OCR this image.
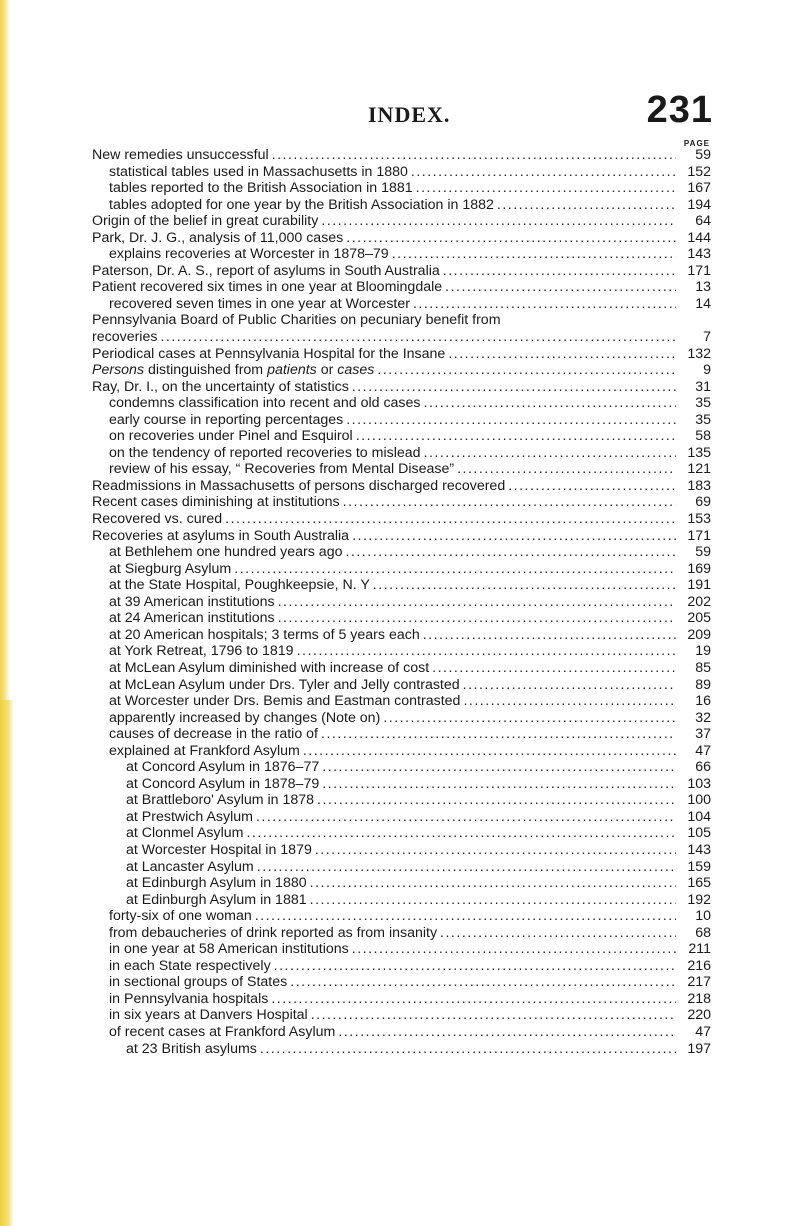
INDEX.	231
PAGE
New remedies unsuccessful .....	59
statistical tables used in Massachusetts in 1880 .....	152
tables reported to the British Association in 1881 .....	167
tables adopted for one year by the British Association in 1882 .....	194
Origin of the belief in great curability .....	64
Park, Dr. J. G., analysis of 11,000 cases .....	144
explains recoveries at Worcester in 1878–79 .....	143
Paterson, Dr. A. S., report of asylums in South Australia .....	171
Patient recovered six times in one year at Bloomingdale .....	13
recovered seven times in one year at Worcester .....	14
Pennsylvania Board of Public Charities on pecuniary benefit from
recoveries .....	7
Periodical cases at Pennsylvania Hospital for the Insane .....	132
Persons distinguished from patients or cases .....	9
Ray, Dr. I., on the uncertainty of statistics .....	31
condemns classification into recent and old cases .....	35
early course in reporting percentages .....	35
on recoveries under Pinel and Esquirol .....	58
on the tendency of reported recoveries to mislead .....	135
review of his essay, “ Recoveries from Mental Disease” .....	121
Readmissions in Massachusetts of persons discharged recovered .....	183
Recent cases diminishing at institutions .....	69
Recovered vs. cured .....	153
Recoveries at asylums in South Australia .....	171
at Bethlehem one hundred years ago .....	59
at Siegburg Asylum .....	169
at the State Hospital, Poughkeepsie, N. Y .....	191
at 39 American institutions .....	202
at 24 American institutions .....	205
at 20 American hospitals; 3 terms of 5 years each .....	209
at York Retreat, 1796 to 1819 .....	19
at McLean Asylum diminished with increase of cost .....	85
at McLean Asylum under Drs. Tyler and Jelly contrasted .....	89
at Worcester under Drs. Bemis and Eastman contrasted .....	16
apparently increased by changes (Note on) .....	32
causes of decrease in the ratio of .....	37
explained at Frankford Asylum .....	47
at Concord Asylum in 1876–77 .....	66
at Concord Asylum in 1878–79 .....	103
at Brattleboro' Asylum in 1878 .....	100
at Prestwich Asylum .....	104
at Clonmel Asylum .....	105
at Worcester Hospital in 1879 .....	143
at Lancaster Asylum .....	159
at Edinburgh Asylum in 1880 .....	165
at Edinburgh Asylum in 1881 .....	192
forty-six of one woman .....	10
from debaucheries of drink reported as from insanity .....	68
in one year at 58 American institutions .....	211
in each State respectively .....	216
in sectional groups of States .....	217
in Pennsylvania hospitals .....	218
in six years at Danvers Hospital .....	220
of recent cases at Frankford Asylum .....	47
at 23 British asylums .....	197
